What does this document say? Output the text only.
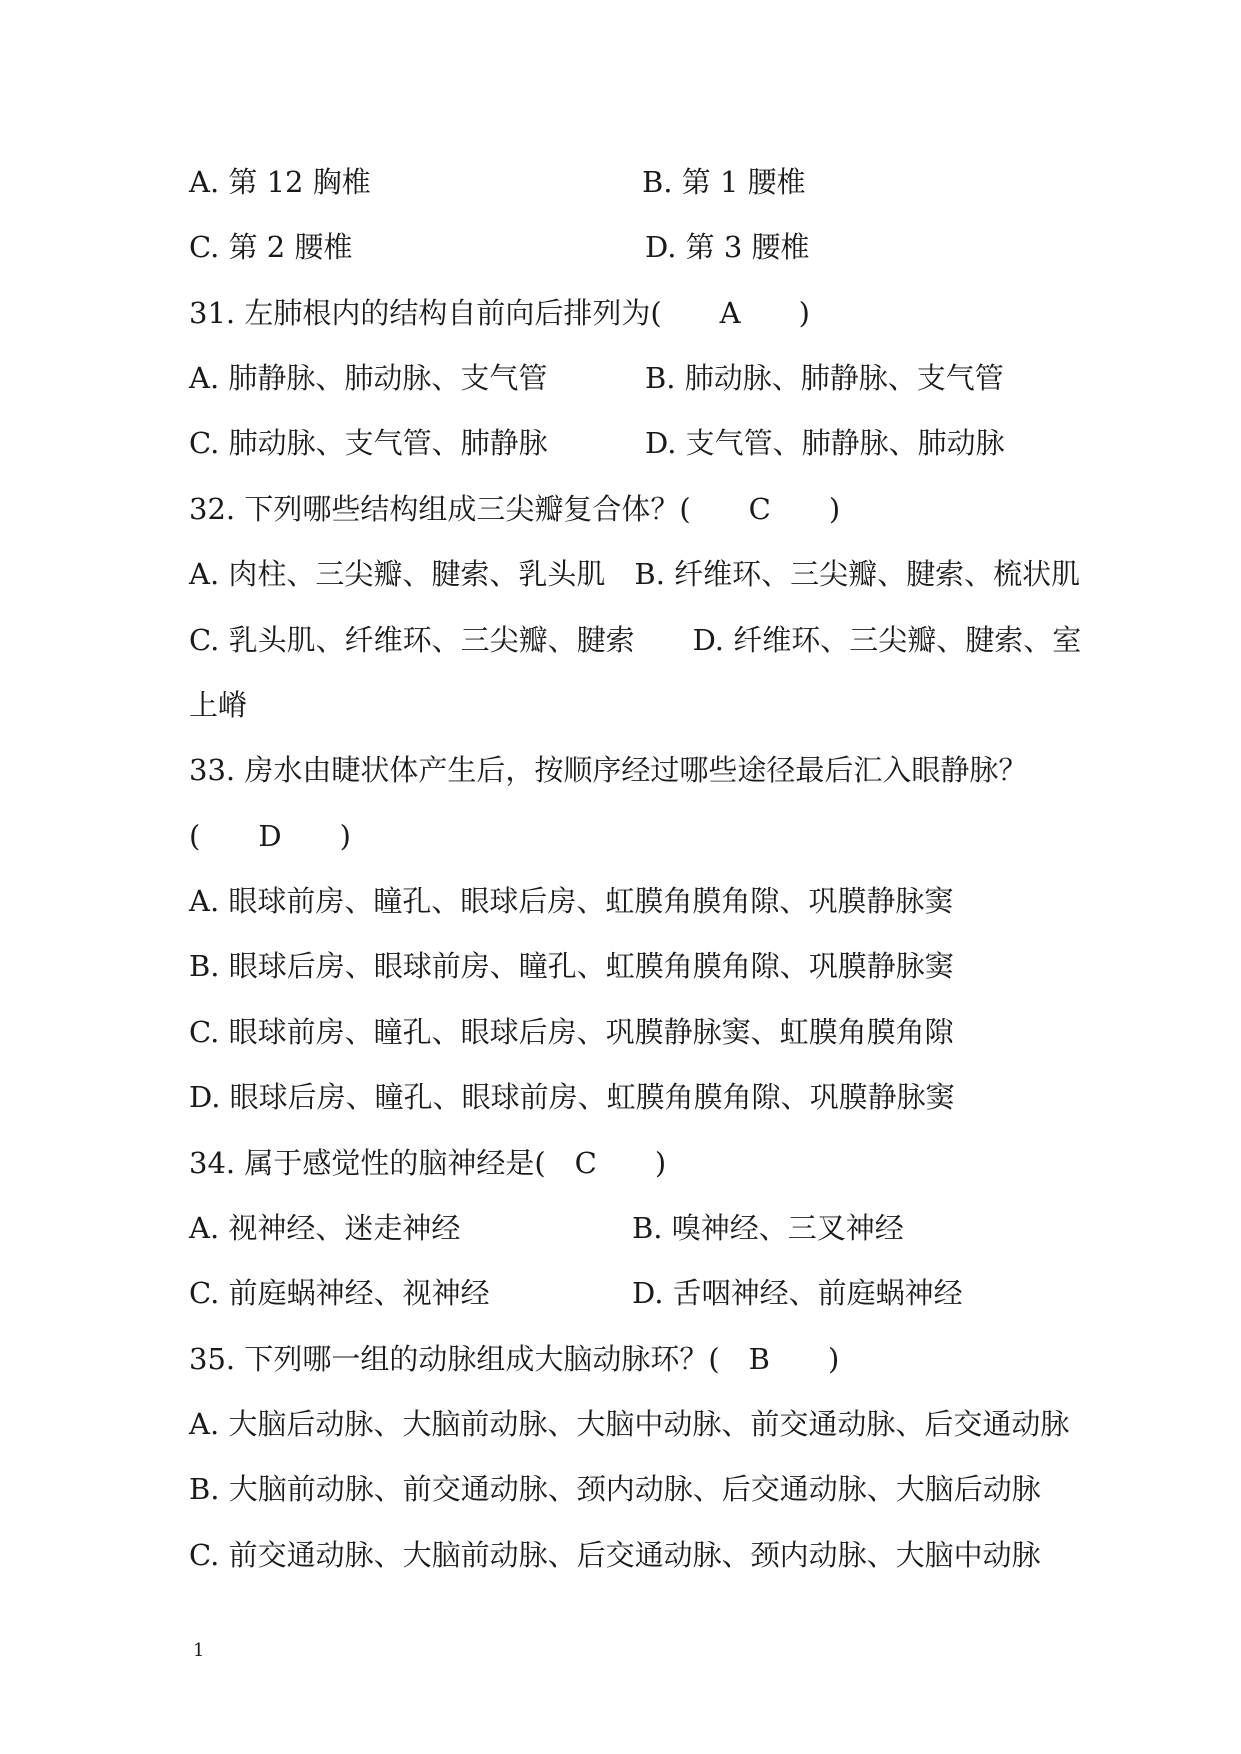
A. 第 12 胸椎	B. 第 1 腰椎
C. 第 2 腰椎	D. 第 3 腰椎
31. 左肺根内的结构自前向后排列为(　　A　　)
A. 肺静脉、肺动脉、支气管	B. 肺动脉、肺静脉、支气管
C. 肺动脉、支气管、肺静脉	D. 支气管、肺静脉、肺动脉
32. 下列哪些结构组成三尖瓣复合体？(　　C　　)
A. 肉柱、三尖瓣、腱索、乳头肌　B. 纤维环、三尖瓣、腱索、梳状肌
C. 乳头肌、纤维环、三尖瓣、腱索　　D. 纤维环、三尖瓣、腱索、室
上嵴
33. 房水由睫状体产生后，按顺序经过哪些途径最后汇入眼静脉？
(　　D　　)
A. 眼球前房、瞳孔、眼球后房、虹膜角膜角隙、巩膜静脉窦
B. 眼球后房、眼球前房、瞳孔、虹膜角膜角隙、巩膜静脉窦
C. 眼球前房、瞳孔、眼球后房、巩膜静脉窦、虹膜角膜角隙
D. 眼球后房、瞳孔、眼球前房、虹膜角膜角隙、巩膜静脉窦
34. 属于感觉性的脑神经是(　C　　)
A. 视神经、迷走神经	B. 嗅神经、三叉神经
C. 前庭蜗神经、视神经	D. 舌咽神经、前庭蜗神经
35. 下列哪一组的动脉组成大脑动脉环？(　B　　)
A. 大脑后动脉、大脑前动脉、大脑中动脉、前交通动脉、后交通动脉
B. 大脑前动脉、前交通动脉、颈内动脉、后交通动脉、大脑后动脉
C. 前交通动脉、大脑前动脉、后交通动脉、颈内动脉、大脑中动脉
1
